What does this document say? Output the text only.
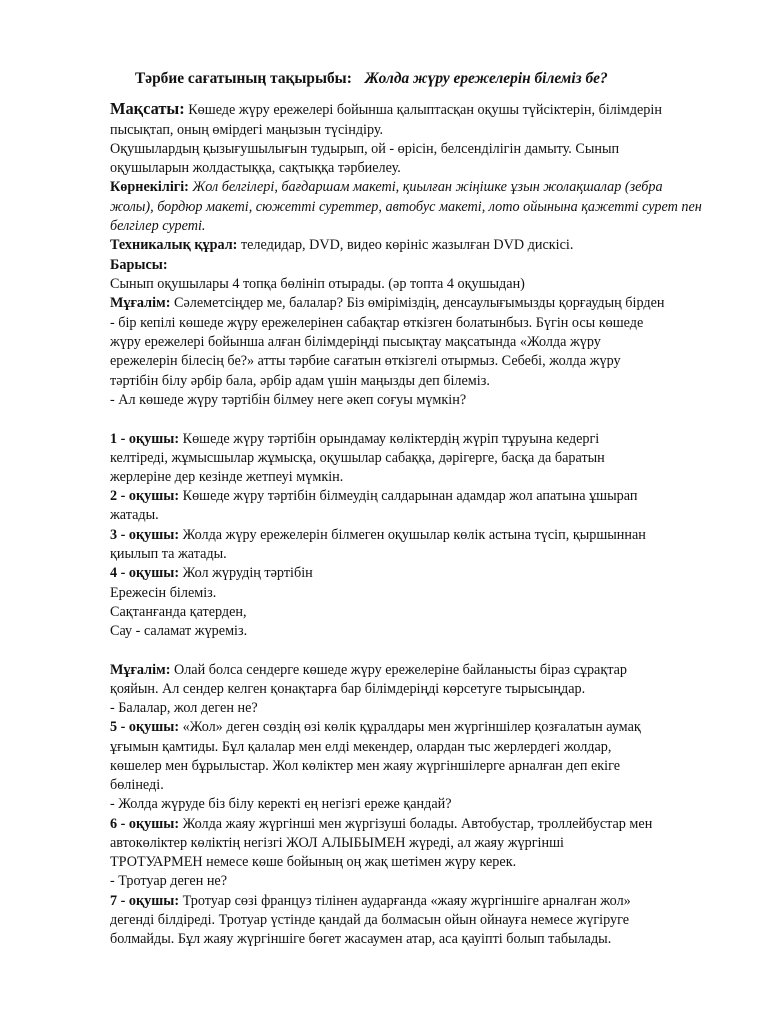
Тәрбие сағатының тақырыбы: Жолда жүру ережелерін білеміз бе?
Мақсаты: Көшеде жүру ережелері бойынша қалыптасқан оқушы түйсіктерін, білімдерін
пысықтап, оның өмірдегі маңызын түсіндіру.
Оқушылардың қызығушылығын тудырып, ой - өрісін, белсенділігін дамыту. Сынып
оқушыларын жолдастыққа, сақтыққа тәрбиелеу.
Көрнекілігі: Жол белгілері, бағдаршам макеті, қиылған жіңішке ұзын жолақшалар (зебра
жолы), бордюр макеті, сюжетті суреттер, автобус макеті, лото ойынына қажетті сурет пен
белгілер суреті.
Техникалық құрал: теледидар, DVD, видео көрініс жазылған DVD дискісі.
Барысы:
Сынып оқушылары 4 топқа бөлініп отырады. (әр топта 4 оқушыдан)
Мұғалім: Сәлеметсіңдер ме, балалар? Біз өміріміздің, денсаулығымызды қорғаудың бірден
- бір кепілі көшеде жүру ережелерінен сабақтар өткізген болатынбыз. Бүгін осы көшеде
жүру ережелері бойынша алған білімдеріңді пысықтау мақсатында «Жолда жүру
ережелерін білесің бе?» атты тәрбие сағатын өткізгелі отырмыз. Себебі, жолда жүру
тәртібін білу әрбір бала, әрбір адам үшін маңызды деп білеміз.
- Ал көшеде жүру тәртібін білмеу неге әкеп соғуы мүмкін?
1 - оқушы: Көшеде жүру тәртібін орындамау көліктердің жүріп тұруына кедергі
келтіреді, жұмысшылар жұмысқа, оқушылар сабаққа, дәрігерге, басқа да баратын
жерлеріне дер кезінде жетпеуі мүмкін.
2 - оқушы: Көшеде жүру тәртібін білмеудің салдарынан адамдар жол апатына ұшырап
жатады.
3 - оқушы: Жолда жүру ережелерін білмеген оқушылар көлік астына түсіп, қыршыннан
қиылып та жатады.
4 - оқушы: Жол жүрудің тәртібін
Ережесін білеміз.
Сақтанғанда қатерден,
Сау - саламат жүреміз.
Мұғалім: Олай болса сендерге көшеде жүру ережелеріне байланысты біраз сұрақтар
қояйын. Ал сендер келген қонақтарға бар білімдеріңді көрсетуге тырысыңдар.
- Балалар, жол деген не?
5 - оқушы: «Жол» деген сөздің өзі көлік құралдары мен жүргіншілер қозғалатын аумақ
ұғымын қамтиды. Бұл қалалар мен елді мекендер, олардан тыс жерлердегі жолдар,
көшелер мен бұрылыстар. Жол көліктер мен жаяу жүргіншілерге арналған деп екіге
бөлінеді.
- Жолда жүруде біз білу керекті ең негізгі ереже қандай?
6 - оқушы: Жолда жаяу жүргінші мен жүргізуші болады. Автобустар, троллейбустар мен
автокөліктер көліктің негізгі ЖОЛ АЛЫБЫМЕН жүреді, ал жаяу жүргінші
ТРОТУАРМЕН немесе көше бойының оң жақ шетімен жүру керек.
- Тротуар деген не?
7 - оқушы: Тротуар сөзі француз тілінен аударғанда «жаяу жүргіншіге арналған жол»
дегенді білдіреді. Тротуар үстінде қандай да болмасын ойын ойнауға немесе жүгіруге
болмайды. Бұл жаяу жүргіншіге бөгет жасаумен атар, аса қауіпті болып табылады.
